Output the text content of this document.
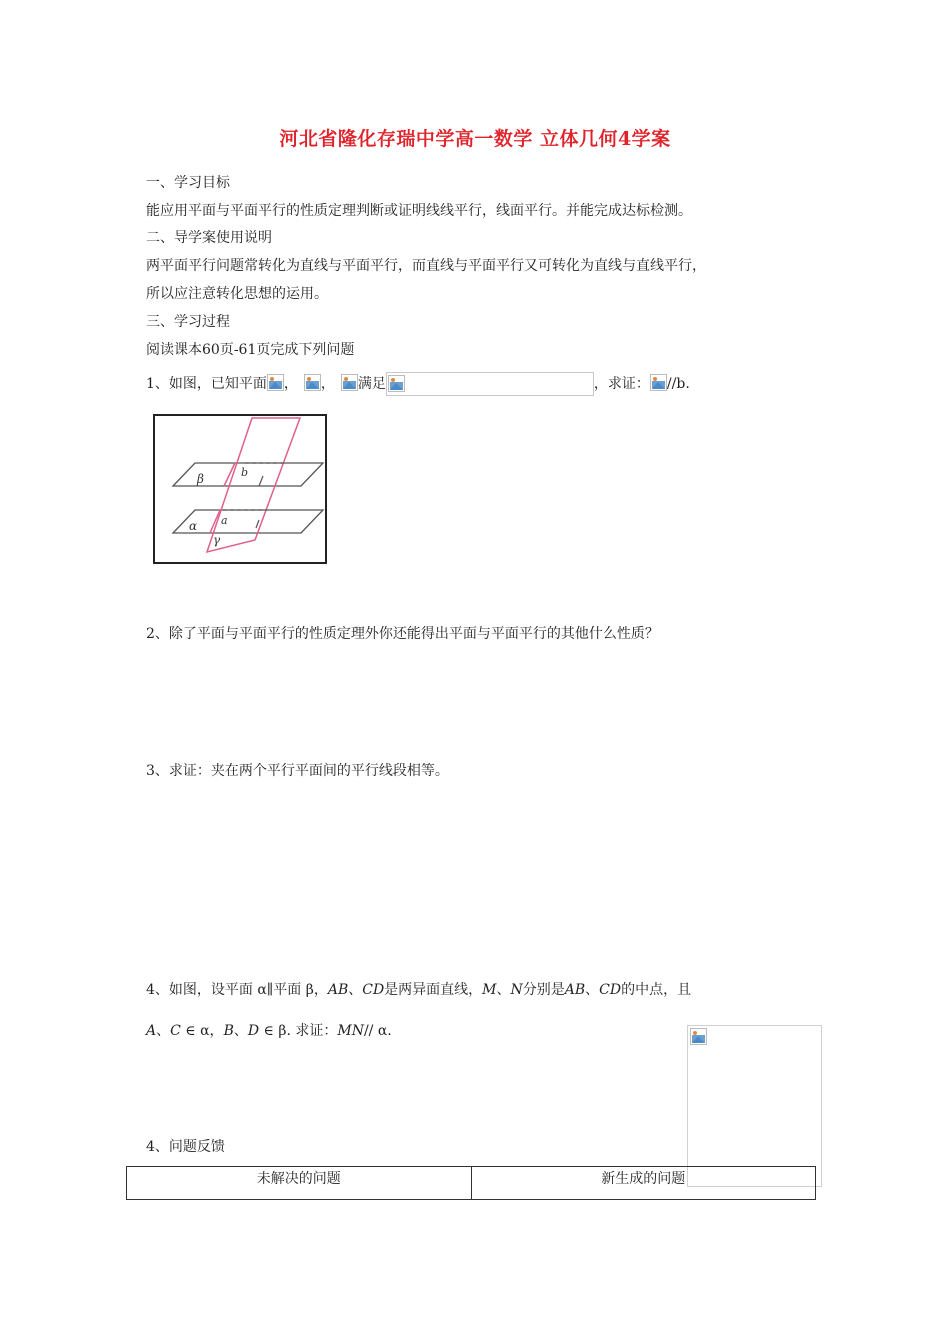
河北省隆化存瑞中学高一数学 立体几何4学案
一、学习目标
能应用平面与平面平行的性质定理判断或证明线线平行，线面平行。并能完成达标检测。
二、导学案使用说明
两平面平行问题常转化为直线与平面平行，而直线与平面平行又可转化为直线与直线平行，
所以应注意转化思想的运用。
三、学习过程
阅读课本60页-61页完成下列问题
1、如图，已知平面 ， ， 满足	，求证： //b.
β	b
α a
γ
2、除了平面与平面平行的性质定理外你还能得出平面与平面平行的其他什么性质？
3、求证：夹在两个平行平面间的平行线段相等。
4、如图，设平面 α∥平面 β，AB、CD是两异面直线，M、N分别是AB、CD的中点，且
A、C ∈ α，B、D ∈ β. 求证：MN// α.
4、问题反馈
未解决的问题	新生成的问题
